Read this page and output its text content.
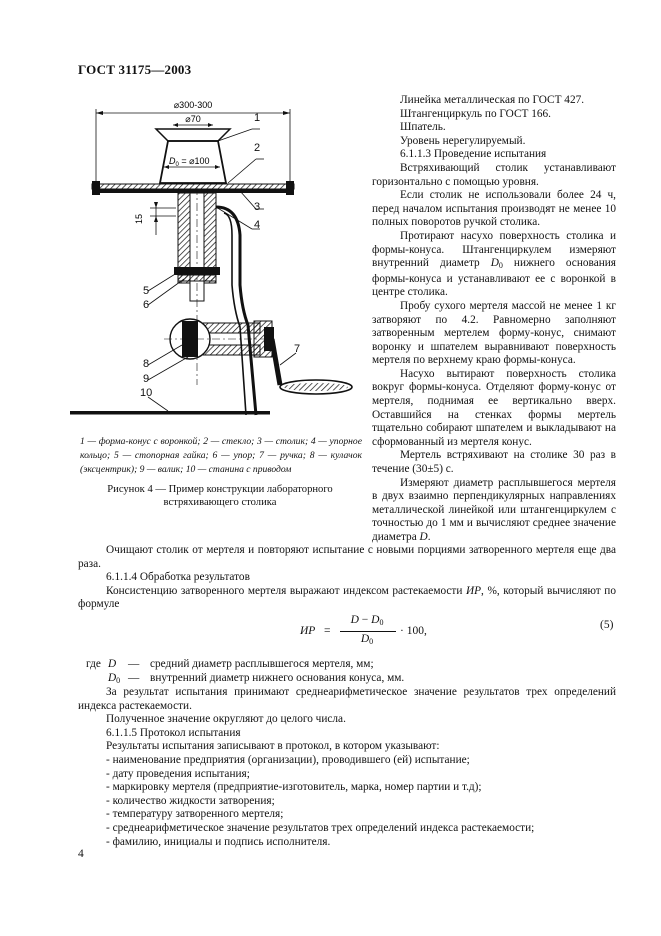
ГОСТ 31175—2003
⌀300-300
⌀70
$D_0$ = ⌀100
15
1
2
3
4
5
6
7
8
9
10
1 — форма-конус с воронкой; 2 — стекло; 3 — столик; 4 — упорное кольцо; 5 — стопорная гайка; 6 — упор; 7 — ручка; 8 — кулачок (эксцентрик); 9 — валик; 10 — станина с приводом
Рисунок 4 — Пример конструкции лабораторного
встряхивающего столика

Линейка металлическая по ГОСТ 427.

Штангенциркуль по ГОСТ 166.

Шпатель.

Уровень нерегулируемый.

6.1.1.3 Проведение испытания

Встряхивающий столик устанавливают горизонтально с помощью уровня.

Если столик не использовали более 24 ч, перед началом испытания производят не менее 10 полных поворотов ручкой столика.

Протирают насухо поверхность столика и формы-конуса. Штангенциркулем измеряют внутренний диаметр $D_0$ нижнего основания формы-конуса и устанавливают ее с воронкой в центре столика.

Пробу сухого мертеля массой не менее 1 кг затворяют по 4.2. Равномерно заполняют затворенным мертелем форму-конус, снимают воронку и шпателем выравнивают поверхность мертеля по верхнему краю формы-конуса.

Насухо вытирают поверхность столика вокруг формы-конуса. Отделяют форму-конус от мертеля, поднимая ее вертикально вверх. Оставшийся на стенках формы мертель тщательно собирают шпателем и выкладывают на сформованный из мертеля конус.

Мертель встряхивают на столике 30 раз в течение (30±5) с.

Измеряют диаметр расплывшегося мертеля в двух взаимно перпендикулярных направлениях металлической линейкой или штангенциркулем с точностью до 1 мм и вычисляют среднее значение диаметра D.

Очищают столик от мертеля и повторяют испытание с новыми порциями затворенного мертеля еще два раза.

6.1.1.4 Обработка результатов

Консистенцию затворенного мертеля выражают индексом растекаемости ИР, %, который вычисляют по формуле

ИР =
$D - D_0$
$D_0$
· 100,	(5)
где D — средний диаметр расплывшегося мертеля, мм;
$D_0$ — внутренний диаметр нижнего основания конуса, мм.

За результат испытания принимают среднеарифметическое значение результатов трех определений индекса растекаемости.

Полученное значение округляют до целого числа.

6.1.1.5 Протокол испытания

Результаты испытания записывают в протокол, в котором указывают:

- наименование предприятия (организации), проводившего (ей) испытание;

- дату проведения испытания;

- маркировку мертеля (предприятие-изготовитель, марка, номер партии и т.д);

- количество жидкости затворения;

- температуру затворенного мертеля;

- среднеарифметическое значение результатов трех определений индекса растекаемости;

- фамилию, инициалы и подпись исполнителя.

4
